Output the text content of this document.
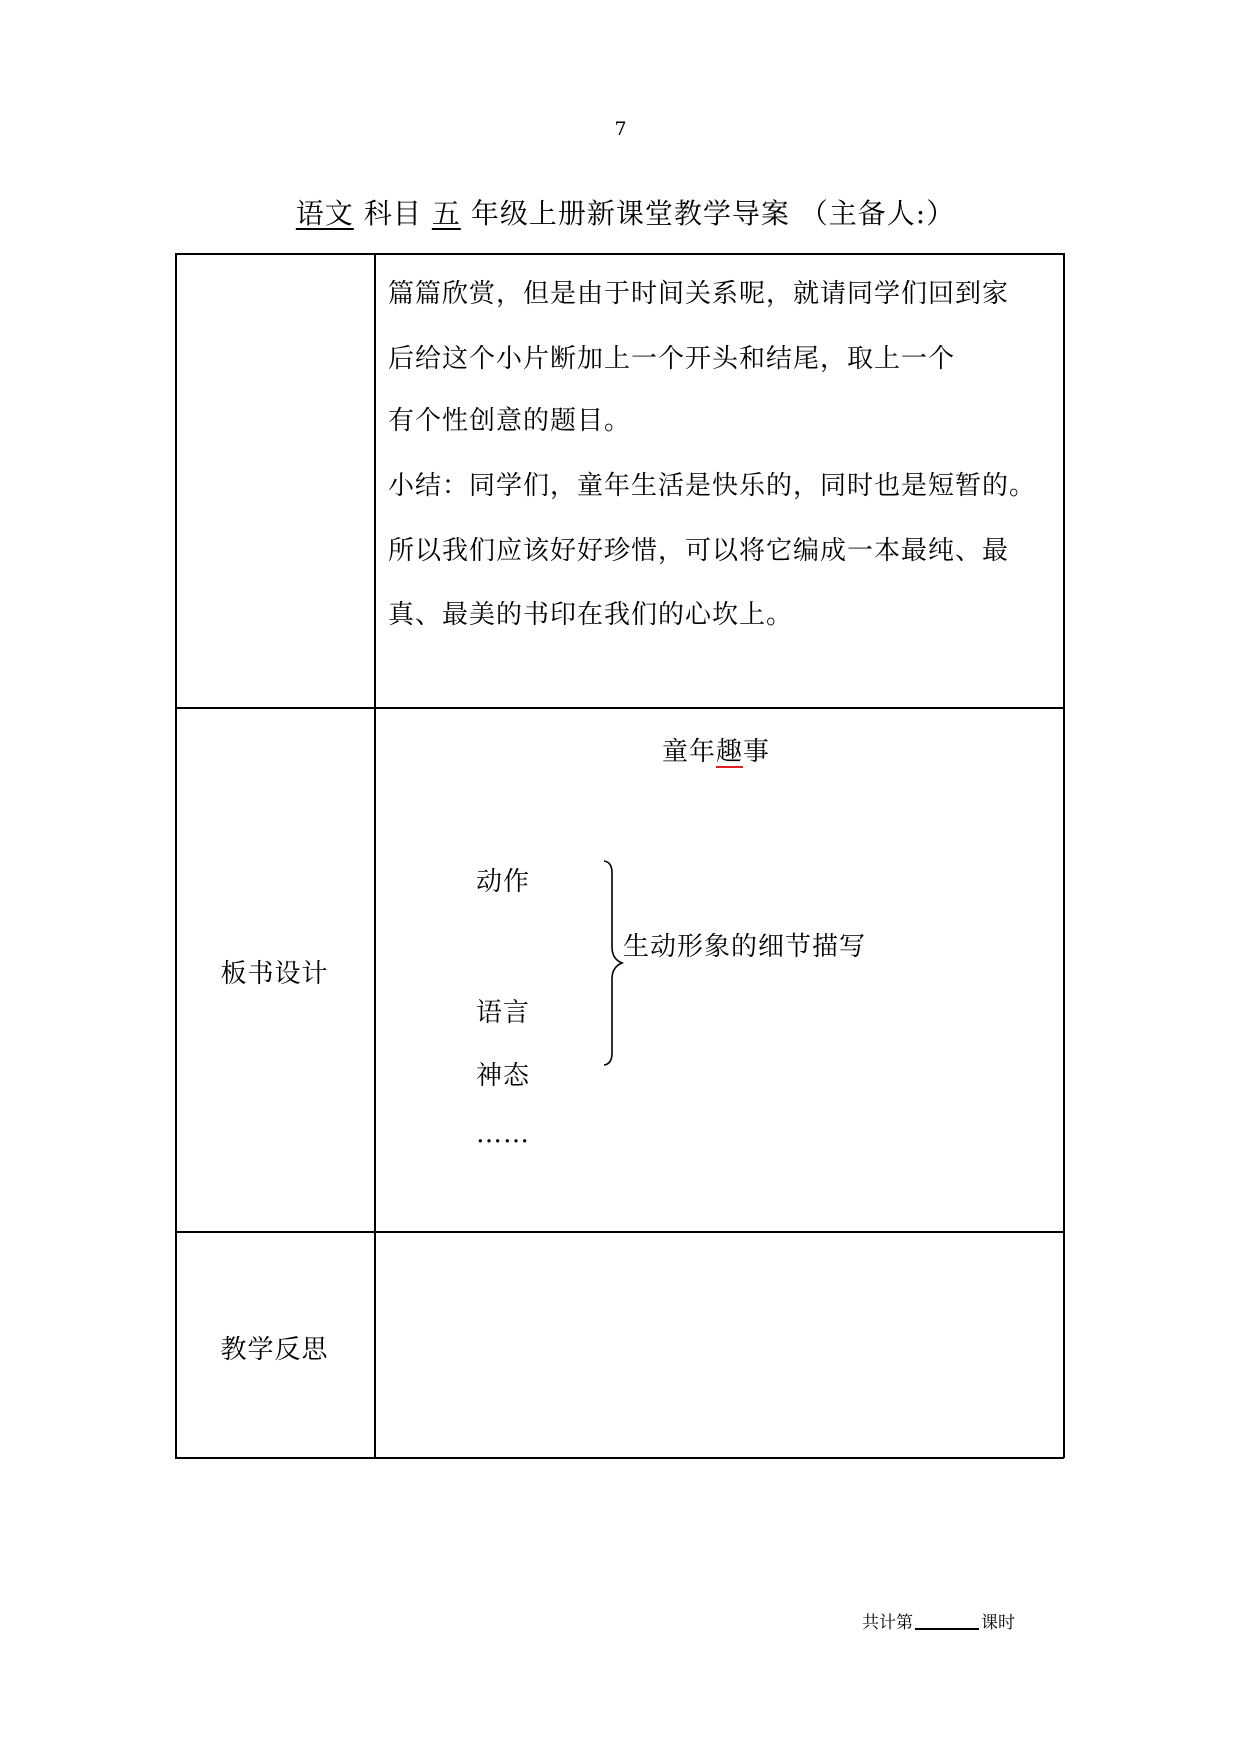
7
语文 科目 五 年级上册新课堂教学导案 （主备人:）
篇篇欣赏，但是由于时间关系呢，就请同学们回到家
后给这个小片断加上一个开头和结尾，取上一个
有个性创意的题目。
小结：同学们，童年生活是快乐的，同时也是短暂的。
所以我们应该好好珍惜，可以将它编成一本最纯、最
真、最美的书印在我们的心坎上。
板书设计
童年趣事
动作
语言
神态
……
生动形象的细节描写
教学反思
共计第	课时
